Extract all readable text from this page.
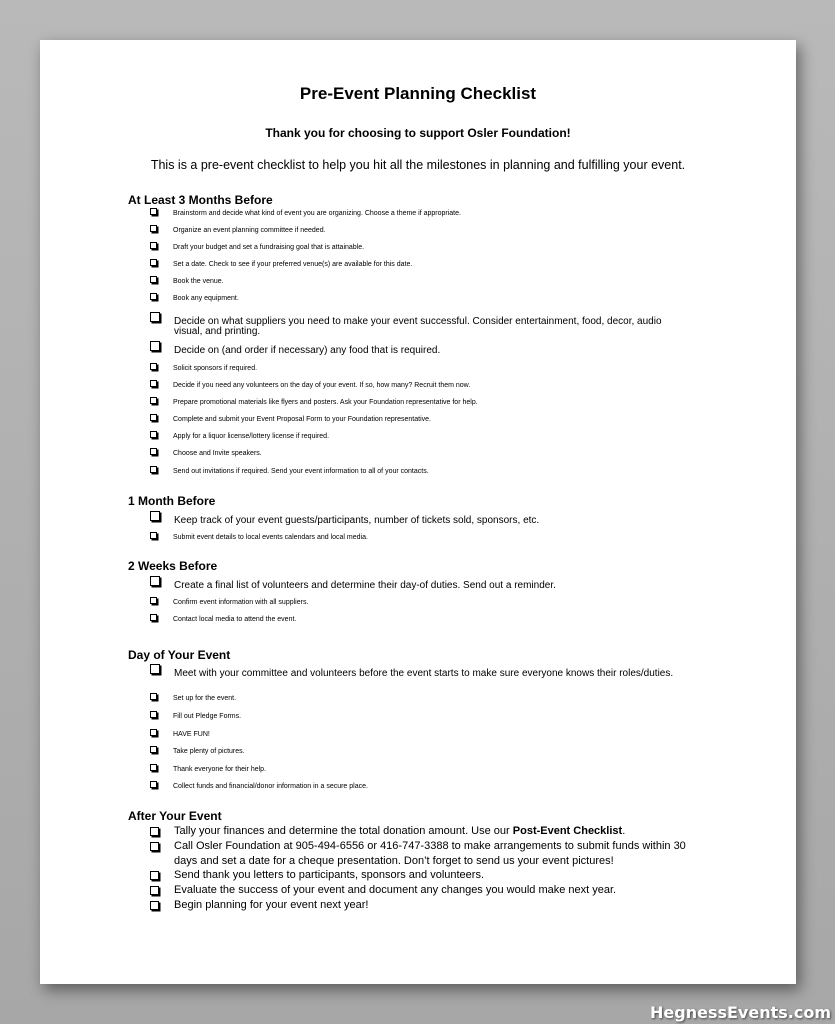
Pre-Event Planning Checklist
Thank you for choosing to support Osler Foundation!
This is a pre-event checklist to help you hit all the milestones in planning and fulfilling your event.
At Least 3 Months Before
Brainstorm and decide what kind of event you are organizing. Choose a theme if appropriate.
Organize an event planning committee if needed.
Draft your budget and set a fundraising goal that is attainable.
Set a date. Check to see if your preferred venue(s) are available for this date.
Book the venue.
Book any equipment.
Decide on what suppliers you need to make your event successful. Consider entertainment, food, decor, audio visual, and printing.
Decide on (and order if necessary) any food that is required.
Solicit sponsors if required.
Decide if you need any volunteers on the day of your event. If so, how many? Recruit them now.
Prepare promotional materials like flyers and posters. Ask your Foundation representative for help.
Complete and submit your Event Proposal Form to your Foundation representative.
Apply for a liquor license/lottery license if required.
Choose and Invite speakers.
Send out invitations if required. Send your event information to all of your contacts.
1 Month Before
Keep track of your event guests/participants, number of tickets sold, sponsors, etc.
Submit event details to local events calendars and local media.
2 Weeks Before
Create a final list of volunteers and determine their day-of duties. Send out a reminder.
Confirm event information with all suppliers.
Contact local media to attend the event.
Day of Your Event
Meet with your committee and volunteers before the event starts to make sure everyone knows their roles/duties.
Set up for the event.
Fill out Pledge Forms.
HAVE FUN!
Take plenty of pictures.
Thank everyone for their help.
Collect funds and financial/donor information in a secure place.
After Your Event
Tally your finances and determine the total donation amount. Use our Post-Event Checklist.
Call Osler Foundation at 905-494-6556 or 416-747-3388 to make arrangements to submit funds within 30 days and set a date for a cheque presentation. Don’t forget to send us your event pictures!
Send thank you letters to participants, sponsors and volunteers.
Evaluate the success of your event and document any changes you would make next year.
Begin planning for your event next year!
HegnessEvents.com
